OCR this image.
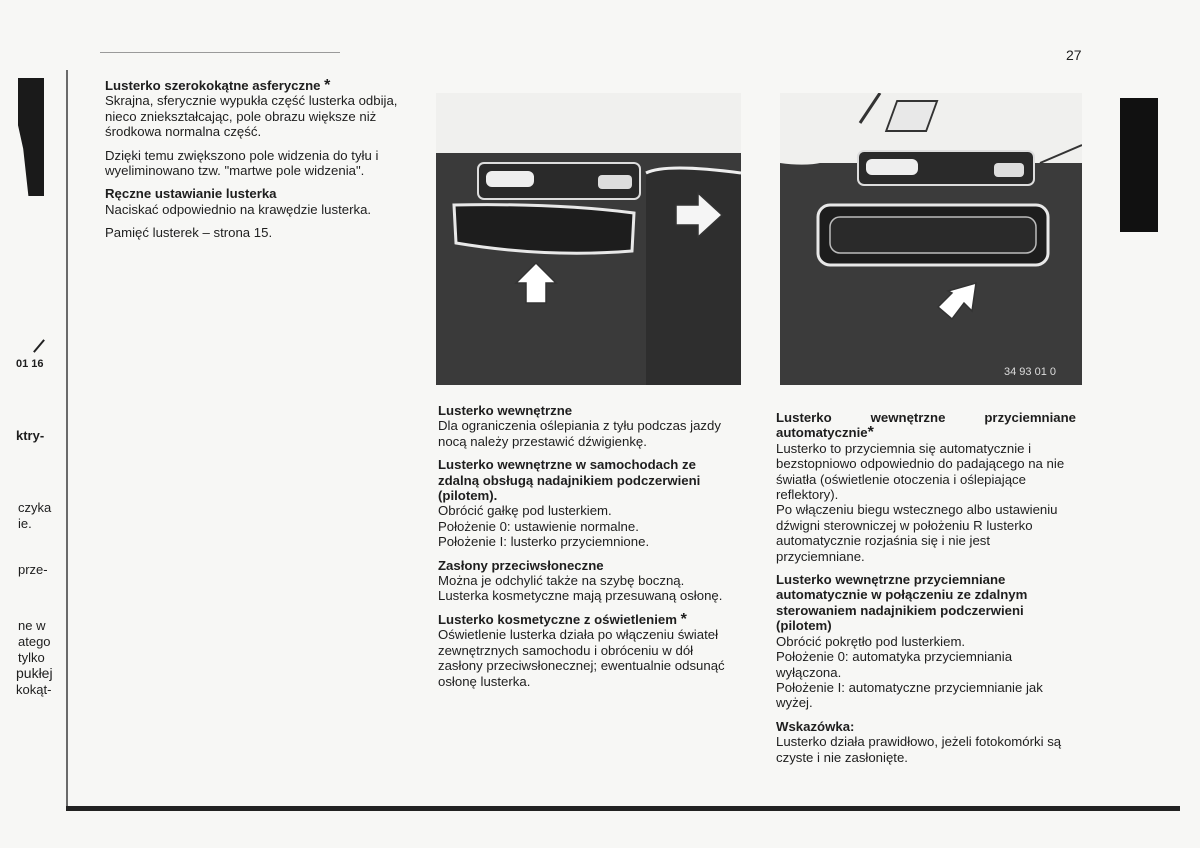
27
01 16
ktry-
czyka
ie.
prze-
ne w
atego
tylko
pukłej
kokąt-
Lusterko szerokokątne asferyczne *

Skrajna, sferycznie wypukła część lusterka odbija, nieco zniekształcając, pole obrazu większe niż środkowa normalna część.

Dzięki temu zwiększono pole widzenia do tyłu i wyeliminowano tzw. "martwe pole widzenia".

Ręczne ustawianie lusterka

Naciskać odpowiednio na krawędzie lusterka.

Pamięć lusterek – strona 15.

34 93 01 0
Lusterko wewnętrzne

Dla ograniczenia oślepiania z tyłu podczas jazdy nocą należy przestawić dźwigienkę.

Lusterko wewnętrzne w samochodach ze zdalną obsługą nadajnikiem podczerwieni (pilotem).

Obrócić gałkę pod lusterkiem.

Położenie 0: ustawienie normalne.

Położenie I: lusterko przyciemnione.

Zasłony przeciwsłoneczne

Można je odchylić także na szybę boczną. Lusterka kosmetyczne mają przesuwaną osłonę.

Lusterko kosmetyczne z oświetleniem *

Oświetlenie lusterka działa po włączeniu świateł zewnętrznych samochodu i obróceniu w dół zasłony przeciwsłonecznej; ewentualnie odsunąć osłonę lusterka.

Lusterko wewnętrzne przyciemniane automatycznie*

Lusterko to przyciemnia się automatycznie i bezstopniowo odpowiednio do padającego na nie światła (oświetlenie otoczenia i oślepiające reflektory).

Po włączeniu biegu wstecznego albo ustawieniu dźwigni sterowniczej w położeniu R lusterko automatycznie rozjaśnia się i nie jest przyciemniane.

Lusterko wewnętrzne przyciemniane automatycznie w połączeniu ze zdalnym sterowaniem nadajnikiem podczerwieni (pilotem)

Obrócić pokrętło pod lusterkiem.

Położenie 0: automatyka przyciemniania wyłączona.

Położenie I: automatyczne przyciemnianie jak wyżej.

Wskazówka:

Lusterko działa prawidłowo, jeżeli fotokomórki są czyste i nie zasłonięte.
